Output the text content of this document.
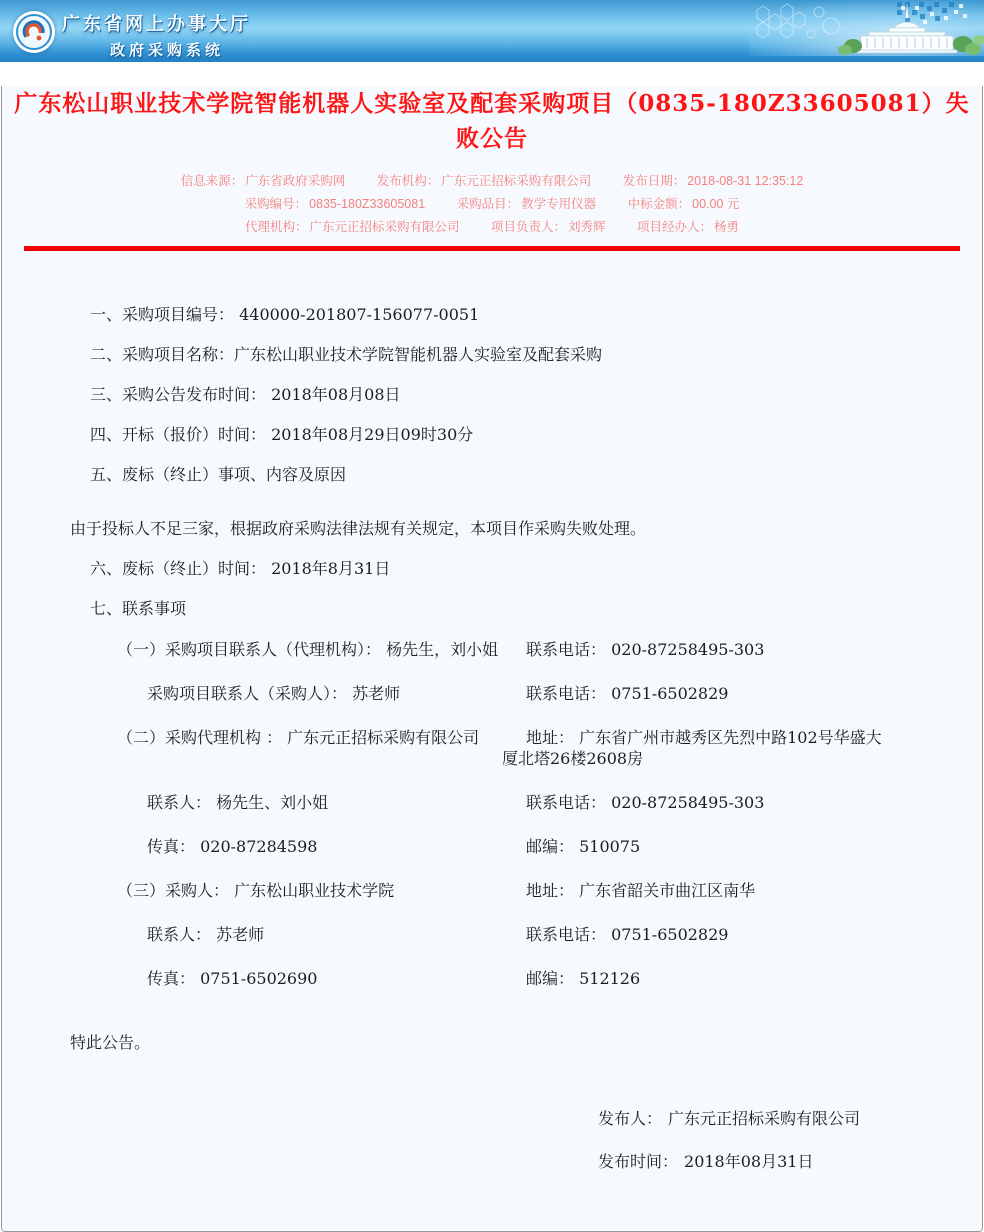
广东省网上办事大厅
政府采购系统
广东松山职业技术学院智能机器人实验室及配套采购项目（0835-180Z33605081）失败公告
信息来源： 广东省政府采购网	发布机构： 广东元正招标采购有限公司	发布日期： 2018-08-31 12:35:12
采购编号： 0835-180Z33605081	采购品目： 教学专用仪器	中标金额： 00.00 元
代理机构： 广东元正招标采购有限公司	项目负责人： 刘秀辉	项目经办人： 杨勇

一、采购项目编号： 440000-201807-156077-0051

二、采购项目名称：广东松山职业技术学院智能机器人实验室及配套采购

三、采购公告发布时间： 2018年08月08日

四、开标（报价）时间： 2018年08月29日09时30分

五、废标（终止）事项、内容及原因

由于投标人不足三家，根据政府采购法律法规有关规定，本项目作采购失败处理。

六、废标（终止）时间： 2018年8月31日

七、联系事项

（一）采购项目联系人（代理机构）： 杨先生，刘小姐	联系电话： 020-87258495-303
采购项目联系人（采购人）： 苏老师	联系电话： 0751-6502829
（二）采购代理机构 ： 广东元正招标采购有限公司	地址： 广东省广州市越秀区先烈中路102号华盛大厦北塔26楼2608房
联系人： 杨先生、刘小姐	联系电话： 020-87258495-303
传真： 020-87284598	邮编： 510075
（三）采购人： 广东松山职业技术学院	地址： 广东省韶关市曲江区南华
联系人： 苏老师	联系电话： 0751-6502829
传真： 0751-6502690	邮编： 512126

特此公告。

发布人： 广东元正招标采购有限公司

发布时间： 2018年08月31日
